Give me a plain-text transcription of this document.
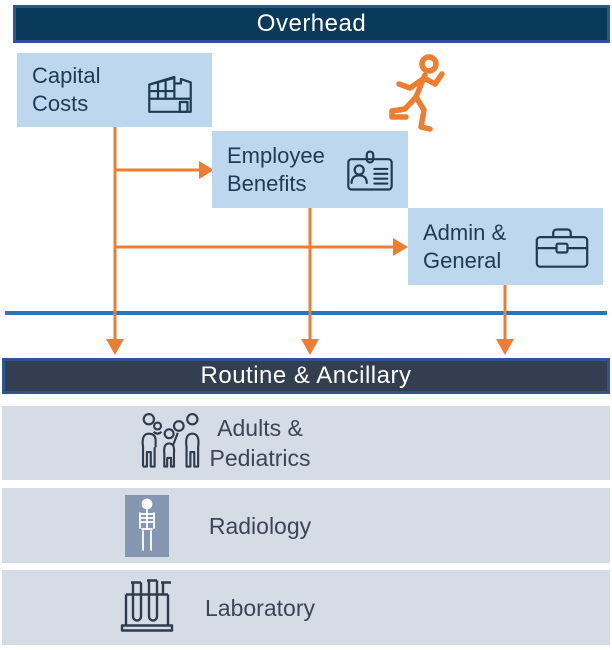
Overhead
Capital
Costs
Employee
Benefits
Admin &
General
Routine & Ancillary
Adults &
Pediatrics
Radiology
Laboratory
